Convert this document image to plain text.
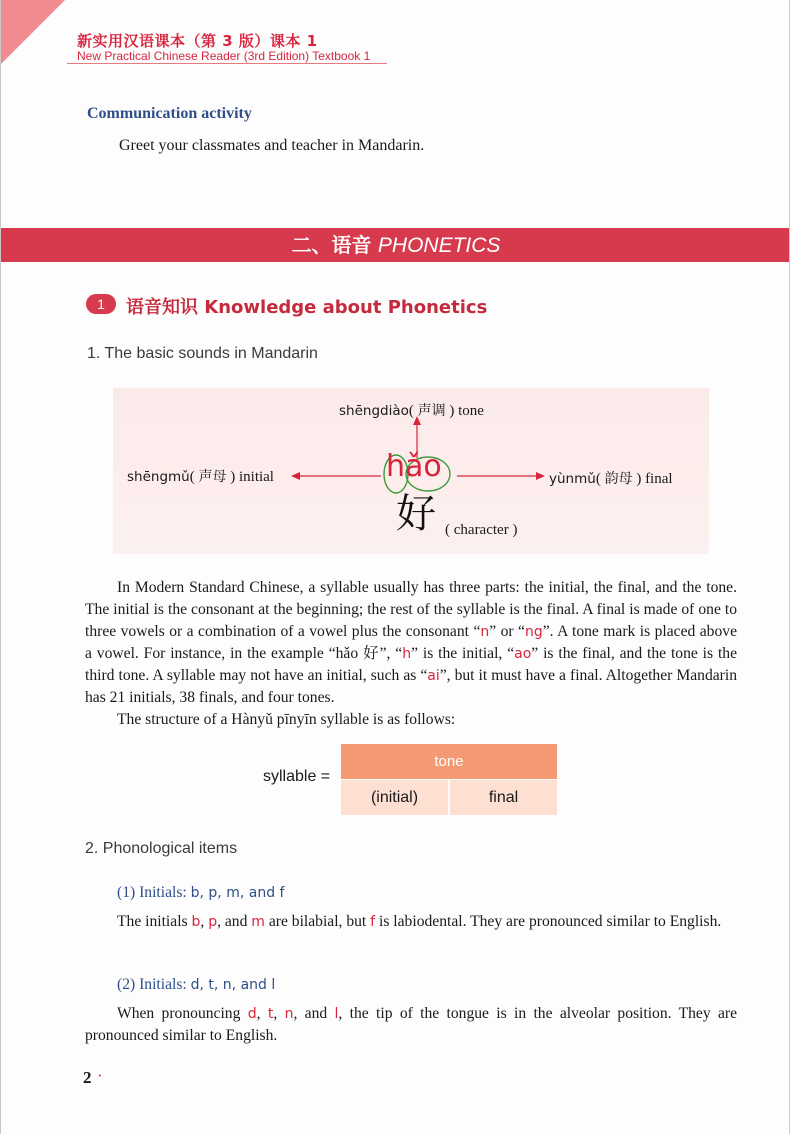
新实用汉语课本（第 3 版）课本 1
New Practical Chinese Reader (3rd Edition) Textbook 1
Communication activity
Greet your classmates and teacher in Mandarin.
二、语音 PHONETICS
1	语音知识 Knowledge about Phonetics
1. The basic sounds in Mandarin
shēngdiào( 声调 ) tone
shēngmǔ( 声母 ) initial	yùnmǔ( 韵母 ) final
hǎo
好 ( character )
In Modern Standard Chinese, a syllable usually has three parts: the initial, the final, and the tone. The initial is the consonant at the beginning; the rest of the syllable is the final. A final is made of one to three vowels or a combination of a vowel plus the consonant “n” or “ng”. A tone mark is placed above a vowel. For instance, in the example “hǎo 好”, “h” is the initial, “ao” is the final, and the tone is the third tone. A syllable may not have an initial, such as “ai”, but it must have a final. Altogether Mandarin has 21 initials, 38 finals, and four tones.
The structure of a Hànyǔ pīnyīn syllable is as follows:
syllable =
tone
(initial)	final
2. Phonological items
(1) Initials: b, p, m, and f
The initials b, p, and m are bilabial, but f is labiodental. They are pronounced similar to English.
(2) Initials: d, t, n, and l
When pronouncing d, t, n, and l, the tip of the tongue is in the alveolar position. They are pronounced similar to English.
2 ·
